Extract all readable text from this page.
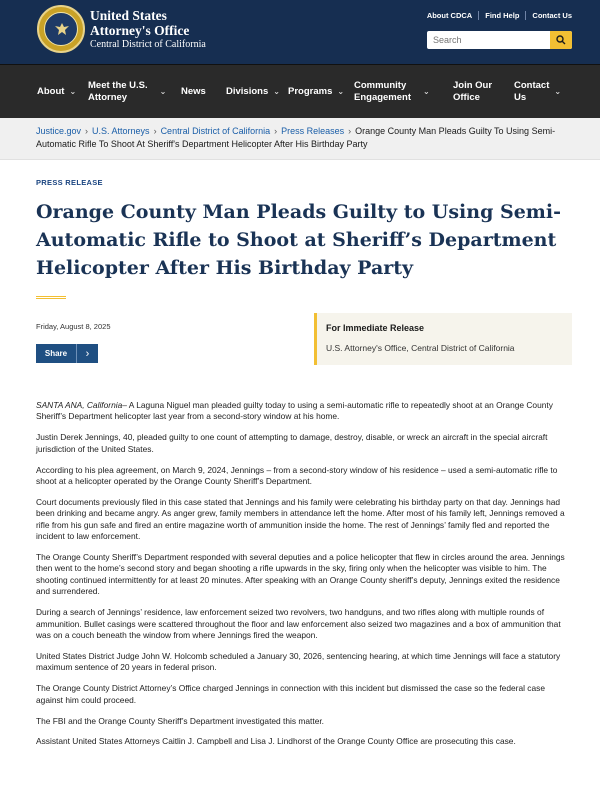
United States
Attorney's Office
Central District of California
About CDCA	Find Help	Contact Us
Search
About ⌄
Meet the U.S.
Attorney
⌄ News Divisions ⌄ Programs ⌄
Community
Engagement
⌄
Join Our
Office
Contact
Us
⌄
Justice.gov › U.S. Attorneys › Central District of California › Press Releases › Orange County Man Pleads Guilty To Using Semi-Automatic Rifle To Shoot At Sheriff's Department Helicopter After His Birthday Party
PRESS RELEASE
Orange County Man Pleads Guilty to Using Semi-Automatic Rifle to Shoot at Sheriff’s Department Helicopter After His Birthday Party
Friday, August 8, 2025
Share	›
For Immediate Release
U.S. Attorney's Office, Central District of California

SANTA ANA, California– A Laguna Niguel man pleaded guilty today to using a semi-automatic rifle to repeatedly shoot at an Orange County Sheriff’s Department helicopter last year from a second-story window at his home.

Justin Derek Jennings, 40, pleaded guilty to one count of attempting to damage, destroy, disable, or wreck an aircraft in the special aircraft jurisdiction of the United States.

According to his plea agreement, on March 9, 2024, Jennings – from a second-story window of his residence – used a semi-automatic rifle to shoot at a helicopter operated by the Orange County Sheriff’s Department.

Court documents previously filed in this case stated that Jennings and his family were celebrating his birthday party on that day. Jennings had been drinking and became angry. As anger grew, family members in attendance left the home. After most of his family left, Jennings removed a rifle from his gun safe and fired an entire magazine worth of ammunition inside the home. The rest of Jennings’ family fled and reported the incident to law enforcement.

The Orange County Sheriff’s Department responded with several deputies and a police helicopter that flew in circles around the area. Jennings then went to the home’s second story and began shooting a rifle upwards in the sky, firing only when the helicopter was visible to him. The shooting continued intermittently for at least 20 minutes. After speaking with an Orange County sheriff’s deputy, Jennings exited the residence and surrendered.

During a search of Jennings’ residence, law enforcement seized two revolvers, two handguns, and two rifles along with multiple rounds of ammunition. Bullet casings were scattered throughout the floor and law enforcement also seized two magazines and a box of ammunition that was on a couch beneath the window from where Jennings fired the weapon.

United States District Judge John W. Holcomb scheduled a January 30, 2026, sentencing hearing, at which time Jennings will face a statutory maximum sentence of 20 years in federal prison.

The Orange County District Attorney’s Office charged Jennings in connection with this incident but dismissed the case so the federal case against him could proceed.

The FBI and the Orange County Sheriff’s Department investigated this matter.

Assistant United States Attorneys Caitlin J. Campbell and Lisa J. Lindhorst of the Orange County Office are prosecuting this case.
